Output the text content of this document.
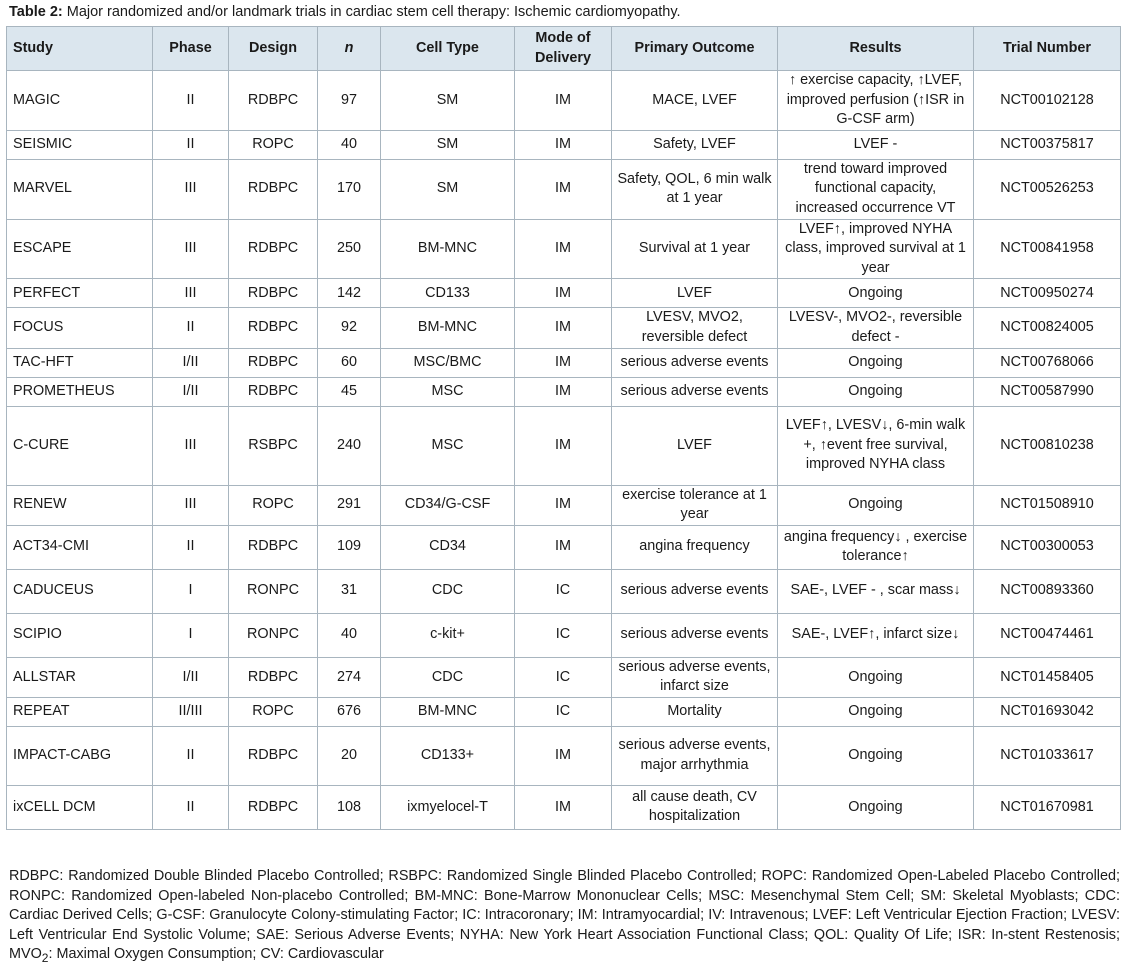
Table 2: Major randomized and/or landmark trials in cardiac stem cell therapy: Ischemic cardiomyopathy.
Study	Phase	Design	n	Cell Type	Mode of Delivery	Primary Outcome	Results	Trial Number
MAGIC	II	RDBPC	97	SM	IM	MACE, LVEF	↑ exercise capacity, ↑LVEF, improved perfusion (↑ISR in G-CSF arm)	NCT00102128
SEISMIC	II	ROPC	40	SM	IM	Safety, LVEF	LVEF -	NCT00375817
MARVEL	III	RDBPC	170	SM	IM	Safety, QOL, 6 min walk at 1 year	trend toward improved functional capacity, increased occurrence VT	NCT00526253
ESCAPE	III	RDBPC	250	BM-MNC	IM	Survival at 1 year	LVEF↑, improved NYHA class, improved survival at 1 year	NCT00841958
PERFECT	III	RDBPC	142	CD133	IM	LVEF	Ongoing	NCT00950274
FOCUS	II	RDBPC	92	BM-MNC	IM	LVESV, MVO2, reversible defect	LVESV-, MVO2-, reversible defect -	NCT00824005
TAC-HFT	I/II	RDBPC	60	MSC/BMC	IM	serious adverse events	Ongoing	NCT00768066
PROMETHEUS	I/II	RDBPC	45	MSC	IM	serious adverse events	Ongoing	NCT00587990
C-CURE	III	RSBPC	240	MSC	IM	LVEF	LVEF↑, LVESV↓, 6-min walk +, ↑event free survival, improved NYHA class	NCT00810238
RENEW	III	ROPC	291	CD34/G-CSF	IM	exercise tolerance at 1 year	Ongoing	NCT01508910
ACT34-CMI	II	RDBPC	109	CD34	IM	angina frequency	angina frequency↓ , exercise tolerance↑	NCT00300053
CADUCEUS	I	RONPC	31	CDC	IC	serious adverse events	SAE-, LVEF - , scar mass↓	NCT00893360
SCIPIO	I	RONPC	40	c-kit+	IC	serious adverse events	SAE-, LVEF↑, infarct size↓	NCT00474461
ALLSTAR	I/II	RDBPC	274	CDC	IC	serious adverse events, infarct size	Ongoing	NCT01458405
REPEAT	II/III	ROPC	676	BM-MNC	IC	Mortality	Ongoing	NCT01693042
IMPACT-CABG	II	RDBPC	20	CD133+	IM	serious adverse events, major arrhythmia	Ongoing	NCT01033617
ixCELL DCM	II	RDBPC	108	ixmyelocel-T	IM	all cause death, CV hospitalization	Ongoing	NCT01670981
RDBPC: Randomized Double Blinded Placebo Controlled; RSBPC: Randomized Single Blinded Placebo Controlled; ROPC: Randomized Open-Labeled Placebo Controlled; RONPC: Randomized Open-labeled Non-placebo Controlled; BM-MNC: Bone-Marrow Mononuclear Cells; MSC: Mesenchymal Stem Cell; SM: Skeletal Myoblasts; CDC: Cardiac Derived Cells; G-CSF: Granulocyte Colony-stimulating Factor; IC: Intracoronary; IM: Intramyocardial; IV: Intravenous; LVEF: Left Ventricular Ejection Fraction; LVESV: Left Ventricular End Systolic Volume; SAE: Serious Adverse Events; NYHA: New York Heart Association Functional Class; QOL: Quality Of Life; ISR: In-stent Restenosis; $MVO_2$: Maximal Oxygen Consumption; CV: Cardiovascular
